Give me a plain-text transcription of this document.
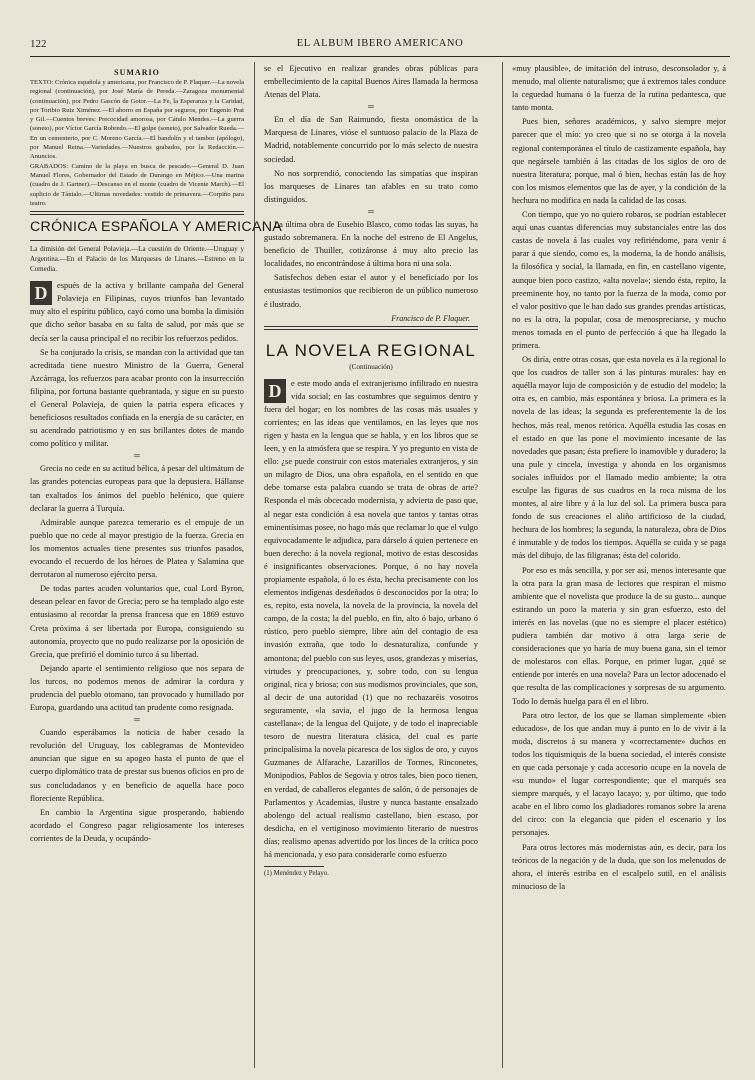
122	EL ALBUM IBERO AMERICANO
SUMARIO

TEXTO: Crónica española y americana, por Francisco de P. Flaquer.—La novela regional (continuación), por José María de Pereda.—Zaragoza monumental (continuación), por Pedro Gascón de Gotor.—La Fe, la Esperanza y la Caridad, por Toribio Ruiz Ximénez.—El ahorro en España por seguros, por Eugenio Prat y Gil.—Cuentos breves: Precocidad amorosa, por Cátulo Mendes.—La guerra (soneto), por Víctor García Robredo.—El golpe (soneto), por Salvador Rueda.—En un cementerio, por C. Moreno García.—El bandolín y el tambor (apólogo), por Manuel Reina.—Variedades.—Nuestros grabados, por la Redacción.—Anuncios.

GRABADOS: Camino de la playa en busca de pescado.—General D. Juan Manuel Flores, Gobernador del Estado de Durango en Méjico.—Una marina (cuadro de J. Gartner).—Descanso en el monte (cuadro de Vicente March).—El suplicio de Tántalo.—Ultimas novedades: vestido de primavera.—Corpiño para teatro.

CRÓNICA ESPAÑOLA Y AMERICANA
La dimisión del General Polavieja.—La cuestión de Oriente.—Uruguay y Argentina.—En el Palacio de los Marqueses de Linares.—Estreno en la Comedia.

D	espués de la activa y brillante campaña del General Polavieja en Filipinas, cuyos triunfos han levantado muy alto el espíritu público, cayó como una bomba la dimisión que dicho señor basaba en su falta de salud, por más que se decía ser la causa principal el no recibir los refuerzos pedidos.

Se ha conjurado la crisis, se mandan con la actividad que tan acreditada tiene nuestro Ministro de la Guerra, General Azcárraga, los refuerzos para acabar pronto con la insurrección filipina, por fortuna bastante quebrantada, y sigue en su puesto el General Polavieja, de quien la patria espera eficaces y beneficiosos resultados confiada en la energía de su carácter, en su acendrado patriotismo y en sus brillantes dotes de mando como político y militar.

═

Grecia no cede en su actitud bélica, á pesar del ultimátum de las grandes potencias europeas para que la depusiera. Hállanse tan exaltados los ánimos del pueblo helénico, que quiere declarar la guerra á Turquía.

Admirable aunque parezca temerario es el empuje de un pueblo que no cede al mayor prestigio de la fuerza. Grecia en los momentos actuales tiene presentes sus triunfos pasados, evocando el recuerdo de los héroes de Platea y Salamina que derrotaron al numeroso ejército persa.

De todas partes acuden voluntarios que, cual Lord Byron, desean pelear en favor de Grecia; pero se ha templado algo este entusiasmo al recordar la prensa francesa que en 1869 estuvo Creta próxima á ser libertada por Europa, consiguiendo su autonomía, proyecto que no pudo realizarse por la oposición de Grecia, que prefirió el dominio turco á su libertad.

Dejando aparte el sentimiento religioso que nos separa de los turcos, no podemos menos de admirar la cordura y prudencia del pueblo otomano, tan provocado y humillado por Europa, guardando una actitud tan prudente como resignada.

═

Cuando esperábamos la noticia de haber cesado la revolución del Uruguay, los cablegramas de Montevideo anuncian que sigue en su apogeo hasta el punto de que el cuerpo diplomático trata de prestar sus buenos oficios en pro de sus concludadanos y en beneficio de aquella hace poco floreciente República.

En cambio la Argentina sigue prosperando, habiendo acordado el Congreso pagar religiosamente los intereses corrientes de la Deuda, y ocupándo-

se el Ejecutivo en realizar grandes obras públicas para embellecimiento de la capital Buenos Aires llamada la hermosa Atenas del Plata.

═

En el día de San Raimundo, fiesta onomástica de la Marquesa de Linares, vióse el suntuoso palacio de la Plaza de Madrid, notablemente concurrido por lo más selecto de nuestra sociedad.

No nos sorprendió, conociendo las simpatías que inspiran los marqueses de Linares tan afables en su trato como distinguidos.

═

La última obra de Eusebio Blasco, como todas las suyas, ha gustado sobremanera. En la noche del estreno de El Angelus, beneficio de Thuiller, cotizáronse á muy alto precio las localidades, no encontrándose á última hora ni una sola.

Satisfechos deben estar el autor y el beneficiado por los entusiastas testimonios que recibieron de un público numeroso é ilustrado.

Francisco de P. Flaquer.
LA NOVELA REGIONAL
(Continuación)

D	e este modo anda el extranjerismo infiltrado en nuestra vida social; en las costumbres que seguimos dentro y fuera del hogar; en los nombres de las cosas más usuales y corrientes; en las ideas que ventilamos, en las leyes que nos rigen y hasta en la lengua que se habla, y en los libros que se leen, y en la atmósfera que se respira. Y yo pregunto en vista de ello: ¿se puede construir con estos materiales extranjeros, y sin un milagro de Dios, una obra española, en el sentido en que debe tomarse esta palabra cuando se trata de obras de arte? Responda el más obcecado modernista, y advierta de paso que, al negar esta condición á esa novela que tantos y tantas otras eminentísimas posee, no hago más que reclamar lo que el vulgo equivocadamente le adjudica, para dárselo á quien pertenece en buen derecho: á la novela regional, motivo de estas descosidas é insignificantes observaciones. Porque, ó no hay novela propiamente española, ó lo es ésta, hecha precisamente con los elementos indígenas desdeñados ó desconocidos por la otra; lo es, repito, esta novela, la novela de la provincia, la novela del campo, de la costa; la del pueblo, en fin, alto ó bajo, urbano ó rústico, pero pueblo siempre, libre aún del contagio de esa invasión extraña, que todo lo desnaturaliza, confunde y amontona; del pueblo con sus leyes, usos, grandezas y miserias, virtudes y preocupaciones, y, sobre todo, con su lengua original, rica y briosa; con sus modismos provinciales, que son, al decir de una autoridad (1) que no rechazaréis vosotros seguramente, «la savia, el jugo de la hermosa lengua castellana»; de la lengua del Quijote, y de todo el inapreciable tesoro de nuestra literatura clásica, del cual es parte principalísima la novela picaresca de los siglos de oro, y cuyos Guzmanes de Alfarache, Lazarillos de Tormes, Rinconetes, Monipodios, Pablos de Segovia y otros tales, bien poco tienen, en verdad, de caballeros elegantes de salón, ó de personajes de Parlamentos y Academias, ilustre y nunca bastante ensalzado abolengo del actual realismo castellano, bien escaso, por desdicha, en el vertiginoso movimiento literario de nuestros días; realismo apenas advertido por los linces de la crítica poco há mencionada, y eso para considerarle como esfuerzo

(1) Menéndez y Pelayo.

«muy plausible», de imitación del intruso, desconsolador y, á menudo, mal oliente naturalismo; que á extremos tales conduce la ceguedad humana ó la fuerza de la rutina pedantesca, que tanto monta.

Pues bien, señores académicos, y salvo siempre mejor parecer que el mío: yo creo que si no se otorga á la novela regional contemporánea el título de castizamente española, hay que negársele también á las citadas de los siglos de oro de nuestra literatura; porque, mal ó bien, hechas están las de hoy con los mismos elementos que las de ayer, y la condición de la hechura no modifica en nada la calidad de las cosas.

Con tiempo, que yo no quiero robaros, se podrían establecer aquí unas cuantas diferencias muy substanciales entre las dos castas de novela á las cuales voy refiriéndome, para venir á parar á que siendo, como es, la moderna, la de hondo análisis, la filosófica y social, la llamada, en fin, en castellano vigente, aunque bien poco castizo, «alta novela»; siendo ésta, repito, la preeminente hoy, no tanto por la fuerza de la moda, como por el valor positivo que le han dado sus grandes prendas artísticas, no es la otra, la popular, cosa de menospreciarse, y mucho menos tomada en el punto de perfección á que ha llegado la primera.

Os diría, entre otras cosas, que esta novela es á la regional lo que los cuadros de taller son á las pinturas murales: hay en aquélla mayor lujo de composición y de estudio del modelo; la otra es, en cambio, más espontánea y briosa. La primera es la novela de las ideas; la segunda es preferentemente la de los hechos, más real, menos retórica. Aquélla estudia las cosas en el estado en que las pone el movimiento incesante de las novedades que pasan; ésta prefiere lo inamovible y duradero; la una pule y cincela, investiga y ahonda en los organismos sociales influídos por el llamado medio ambiente; la otra esculpe las figuras de sus cuadros en la roca misma de los montes, al aire libre y á la luz del sol. La primera busca para fondo de sus creaciones el aliño artificioso de la ciudad, hechura de los hombres; la segunda, la naturaleza, obra de Dios é inmutable y de todos los tiempos. Aquélla se cuida y se paga más del dibujo, de las filigranas; ésta del colorido.

Por eso es más sencilla, y por ser así, menos interesante que la otra para la gran masa de lectores que respiran el mismo ambiente que el novelista que produce la de su gusto... aunque estirando un poco la materia y sin gran esfuerzo, esto del interés en las novelas (que no es siempre el placer estético) pudiera también dar motivo á otra larga serie de consideraciones que yo haría de muy buena gana, sin el temor de molestaros con ellas. Porque, en primer lugar, ¿qué se entiende por interés en una novela? Para un lector adocenado el que resulta de las complicaciones y sorpresas de su argumento. Todo lo demás huelga para él en el libro.

Para otro lector, de los que se llaman simplemente «bien educados», de los que andan muy á punto en lo de vivir á la moda, discretos á su manera y «correctamente» duchos en todos los tiquismiquis de la buena sociedad, el interés consiste en que cada personaje y cada accesorio ocupe en la novela de «su mundo» el lugar correspondiente; que el marqués sea siempre marqués, y el lacayo lacayo; y, por último, que todo acabe en el libro como los gladiadores romanos sobre la arena del circo: con la elegancia que piden el escenario y los personajes.

Para otros lectores más modernistas aún, es decir, para los teóricos de la negación y de la duda, que son los melenudos de ahora, el interés estriba en el escalpelo sutil, en el análisis minucioso de la
